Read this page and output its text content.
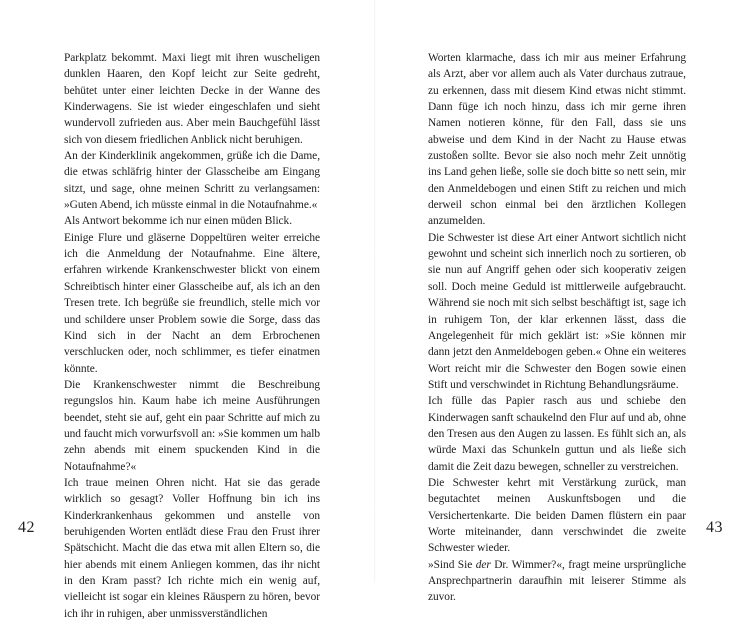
Parkplatz bekommt. Maxi liegt mit ihren wuscheligen dunklen Haaren, den Kopf leicht zur Seite gedreht, behütet unter einer leichten Decke in der Wanne des Kinderwagens. Sie ist wieder eingeschlafen und sieht wundervoll zufrieden aus. Aber mein Bauchgefühl lässt sich von diesem friedlichen Anblick nicht beruhigen.

An der Kinderklinik angekommen, grüße ich die Dame, die etwas schläfrig hinter der Glasscheibe am Eingang sitzt, und sage, ohne meinen Schritt zu verlangsamen: »Guten Abend, ich müsste einmal in die Notaufnahme.«

Als Antwort bekomme ich nur einen müden Blick.

Einige Flure und gläserne Doppeltüren weiter erreiche ich die Anmeldung der Notaufnahme. Eine ältere, erfahren wirkende Krankenschwester blickt von einem Schreibtisch hinter einer Glasscheibe auf, als ich an den Tresen trete. Ich begrüße sie freundlich, stelle mich vor und schildere unser Problem sowie die Sorge, dass das Kind sich in der Nacht an dem Erbrochenen verschlucken oder, noch schlimmer, es tiefer einatmen könnte.

Die Krankenschwester nimmt die Beschreibung regungslos hin. Kaum habe ich meine Ausführungen beendet, steht sie auf, geht ein paar Schritte auf mich zu und faucht mich vorwurfsvoll an: »Sie kommen um halb zehn abends mit einem spuckenden Kind in die Notaufnahme?«

Ich traue meinen Ohren nicht. Hat sie das gerade wirklich so gesagt? Voller Hoffnung bin ich ins Kinderkrankenhaus gekommen und anstelle von beruhigenden Worten entlädt diese Frau den Frust ihrer Spätschicht. Macht die das etwa mit allen Eltern so, die hier abends mit einem Anliegen kommen, das ihr nicht in den Kram passt? Ich richte mich ein wenig auf, vielleicht ist sogar ein kleines Räuspern zu hören, bevor ich ihr in ruhigen, aber unmissverständlichen

42

Worten klarmache, dass ich mir aus meiner Erfahrung als Arzt, aber vor allem auch als Vater durchaus zutraue, zu erkennen, dass mit diesem Kind etwas nicht stimmt. Dann füge ich noch hinzu, dass ich mir gerne ihren Namen notieren könne, für den Fall, dass sie uns abweise und dem Kind in der Nacht zu Hause etwas zustoßen sollte. Bevor sie also noch mehr Zeit unnötig ins Land gehen ließe, solle sie doch bitte so nett sein, mir den Anmeldebogen und einen Stift zu reichen und mich derweil schon einmal bei den ärztlichen Kollegen anzumelden.

Die Schwester ist diese Art einer Antwort sichtlich nicht gewohnt und scheint sich innerlich noch zu sortieren, ob sie nun auf Angriff gehen oder sich kooperativ zeigen soll. Doch meine Geduld ist mittlerweile aufgebraucht. Während sie noch mit sich selbst beschäftigt ist, sage ich in ruhigem Ton, der klar erkennen lässt, dass die Angelegenheit für mich geklärt ist: »Sie können mir dann jetzt den Anmeldebogen geben.« Ohne ein weiteres Wort reicht mir die Schwester den Bogen sowie einen Stift und verschwindet in Richtung Behandlungsräume.

Ich fülle das Papier rasch aus und schiebe den Kinderwagen sanft schaukelnd den Flur auf und ab, ohne den Tresen aus den Augen zu lassen. Es fühlt sich an, als würde Maxi das Schunkeln guttun und als ließe sich damit die Zeit dazu bewegen, schneller zu verstreichen.

Die Schwester kehrt mit Verstärkung zurück, man begutachtet meinen Auskunftsbogen und die Versichertenkarte. Die beiden Damen flüstern ein paar Worte miteinander, dann verschwindet die zweite Schwester wieder.

»Sind Sie der Dr. Wimmer?«, fragt meine ursprüngliche Ansprechpartnerin daraufhin mit leiserer Stimme als zuvor.

43
